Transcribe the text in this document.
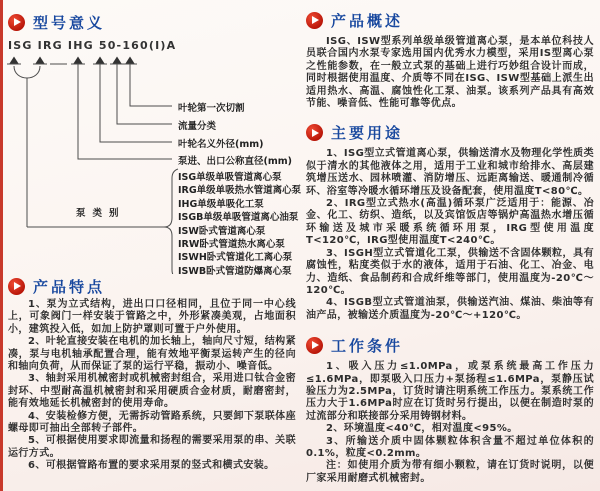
型号意义
ISG IRG IHG 50-160(I)A
叶轮第一次切割
流量分类
叶轮名义外径(mm)
泵进、出口公称直径(mm)
泵类别
ISG单级单吸管道离心泵
IRG单级单吸热水管道离心泵
IHG单级单吸化工泵
ISGB单级单吸管道离心油泵
ISW卧式管道离心泵
IRW卧式管道热水离心泵
ISWH卧式管道化工离心泵
ISWB卧式管道防爆离心泵
产品特点

1、泵为立式结构，进出口口径相同，且位于同一中心线上，可象阀门一样安装于管路之中，外形紧凑美观，占地面积小，建筑投入低，如加上防护罩则可置于户外使用。

2、叶轮直接安装在电机的加长轴上，轴向尺寸短，结构紧凑，泵与电机轴承配置合理，能有效地平衡泵运转产生的径向和轴向负荷，从而保证了泵的运行平稳，振动小、噪音低。

3、轴封采用机械密封或机械密封组合，采用进口钛合金密封环、中型耐高温机械密封和采用硬质合金材质，耐磨密封，能有效地延长机械密封的使用寿命。

4、安装检修方便，无需拆动管路系统，只要卸下泵联体座螺母即可抽出全部转子部件。

5、可根据使用要求即流量和扬程的需要采用泵的串、关联运行方式。

6、可根据管路布置的要求采用泵的竖式和横式安装。

产品概述

ISG、ISW型系列单级单级管道离心泵，是本单位科技人员联合国内水泵专家选用国内优秀水力模型，采用IS型离心泵之性能参数，在一般立式泵的基础上进行巧妙组合设计而成，同时根据使用温度、介质等不同在ISG、ISW型基础上派生出适用热水、高温、腐蚀性化工泵、油泵。该系列产品具有高效节能、噪音低、性能可靠等优点。

主要用途

1、ISG型立式管道离心泵，供输送清水及物理化学性质类似于清水的其他液体之用，适用于工业和城市给排水、高层建筑增压送水、园林喷灌、消防增压、远距离输送、暖通制冷循环、浴室等冷暖水循环增压及设备配套，使用温度T<80℃。

2、IRG型立式热水(高温)循环泵广泛适用于：能源、冶金、化工、纺织、造纸，以及宾馆饭店等锅炉高温热水增压循环输送及城市采暖系统循环用泵，IRG型使用温度T<120℃，IRG型使用温度T<240℃。

3、ISGH型立式管道化工泵，供输送不含固体颗粒，具有腐蚀性，粘度类似于水的液体，适用于石油、化工、冶金、电力、造纸、食品制药和合成纤维等部门，使用温度为-20℃～120℃。

4、ISGB型立式管道油泵，供输送汽油、煤油、柴油等有油产品，被输送介质温度为-20℃～+120℃。

工作条件

1、吸入压力≤1.0MPa，或泵系统最高工作压力≤1.6MPa，即泵吸入口压力+泵扬程≤1.6MPa，泵静压试验压力为2.5MPa，订货时请注明系统工作压力。泵系统工作压力大于1.6MPa时应在订货时另行提出，以便在制造时泵的过流部分和联接部分采用铸钢材料。

2、环境温度<40℃，相对温度<95%。

3、所输送介质中固体颗粒体积含量不超过单位体积的0.1%，粒度<0.2mm。

注：如使用介质为带有细小颗粒，请在订货时说明，以便厂家采用耐磨式机械密封。
